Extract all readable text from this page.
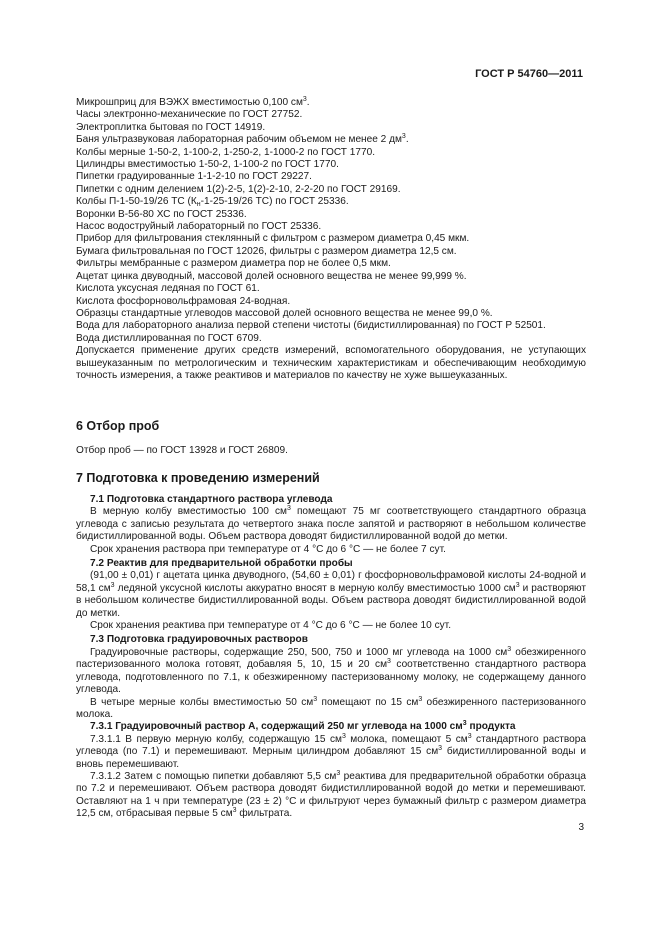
ГОСТ Р 54760—2011

Микрошприц для ВЭЖХ вместимостью 0,100 $см^3$.

Часы электронно-механические по ГОСТ 27752.

Электроплитка бытовая по ГОСТ 14919.

Баня ультразвуковая лабораторная рабочим объемом не менее 2 $дм^3$.

Колбы мерные 1-50-2, 1-100-2, 1-250-2, 1-1000-2 по ГОСТ 1770.

Цилиндры вместимостью 1-50-2, 1-100-2 по ГОСТ 1770.

Пипетки градуированные 1-1-2-10 по ГОСТ 29227.

Пипетки с одним делением 1(2)-2-5, 1(2)-2-10, 2-2-20 по ГОСТ 29169.

Колбы П-1-50-19/26 ТС ($К_н-1-25-19/26$ ТС) по ГОСТ 25336.

Воронки В-56-80 ХС по ГОСТ 25336.

Насос водоструйный лабораторный по ГОСТ 25336.

Прибор для фильтрования стеклянный с фильтром с размером диаметра 0,45 мкм.

Бумага фильтровальная по ГОСТ 12026, фильтры с размером диаметра 12,5 см.

Фильтры мембранные с размером диаметра пор не более 0,5 мкм.

Ацетат цинка двуводный, массовой долей основного вещества не менее 99,999 %.

Кислота уксусная ледяная по ГОСТ 61.

Кислота фосфорновольфрамовая 24-водная.

Образцы стандартные углеводов массовой долей основного вещества не менее 99,0 %.

Вода для лабораторного анализа первой степени чистоты (бидистиллированная) по ГОСТ Р 52501.

Вода дистиллированная по ГОСТ 6709.

Допускается применение других средств измерений, вспомогательного оборудования, не уступающих вышеуказанным по метрологическим и техническим характеристикам и обеспечивающим необходимую точность измерения, а также реактивов и материалов по качеству не хуже вышеуказанных.

6 Отбор проб

Отбор проб — по ГОСТ 13928 и ГОСТ 26809.

7 Подготовка к проведению измерений

7.1 Подготовка стандартного раствора углевода

В мерную колбу вместимостью 100 $см^3$ помещают 75 мг соответствующего стандартного образца углевода с записью результата до четвертого знака после запятой и растворяют в небольшом количестве бидистиллированной воды. Объем раствора доводят бидистиллированной водой до метки.

Срок хранения раствора при температуре от 4 °С до 6 °С — не более 7 сут.

7.2 Реактив для предварительной обработки пробы

(91,00 ± 0,01) г ацетата цинка двуводного, (54,60 ± 0,01) г фосфорновольфрамовой кислоты 24-водной и 58,1 $см^3$ ледяной уксусной кислоты аккуратно вносят в мерную колбу вместимостью 1000 $см^3$ и растворяют в небольшом количестве бидистиллированной воды. Объем раствора доводят бидистиллированной водой до метки.

Срок хранения реактива при температуре от 4 °С до 6 °С — не более 10 сут.

7.3 Подготовка градуировочных растворов

Градуировочные растворы, содержащие 250, 500, 750 и 1000 мг углевода на 1000 $см^3$ обезжиренного пастеризованного молока готовят, добавляя 5, 10, 15 и 20 $см^3$ соответственно стандартного раствора углевода, подготовленного по 7.1, к обезжиренному пастеризованному молоку, не содержащему данного углевода.

В четыре мерные колбы вместимостью 50 $см^3$ помещают по 15 $см^3$ обезжиренного пастеризованного молока.

7.3.1 Градуировочный раствор А, содержащий 250 мг углевода на 1000 $см^3$ продукта

7.3.1.1 В первую мерную колбу, содержащую 15 $см^3$ молока, помещают 5 $см^3$ стандартного раствора углевода (по 7.1) и перемешивают. Мерным цилиндром добавляют 15 $см^3$ бидистиллированной воды и вновь перемешивают.

7.3.1.2 Затем с помощью пипетки добавляют 5,5 $см^3$ реактива для предварительной обработки образца по 7.2 и перемешивают. Объем раствора доводят бидистиллированной водой до метки и перемешивают. Оставляют на 1 ч при температуре (23 ± 2) °С и фильтруют через бумажный фильтр с размером диаметра 12,5 см, отбрасывая первые 5 $см^3$ фильтрата.

3
